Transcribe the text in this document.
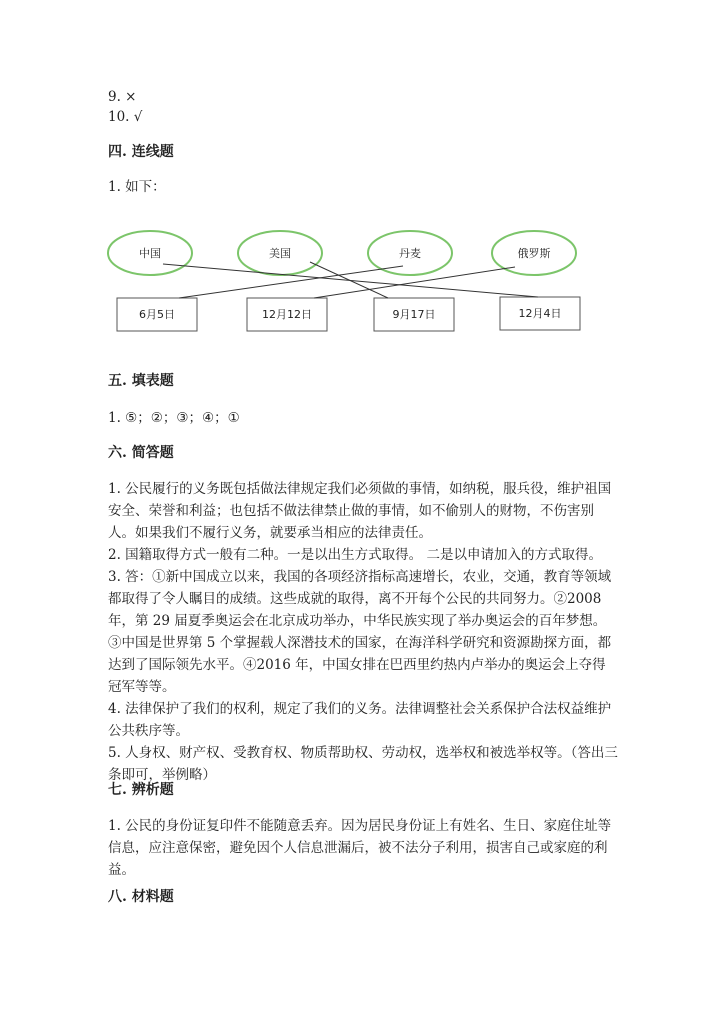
9. ×
10. √
四. 连线题
1. 如下：
中国	美国	丹麦	俄罗斯
6月5日	12月12日	9月17日	12月4日
五. 填表题
1. ⑤；②；③；④；①
六. 简答题

1. 公民履行的义务既包括做法律规定我们必须做的事情，如纳税，服兵役，维护祖国安全、荣誉和利益；也包括不做法律禁止做的事情，如不偷别人的财物，不伤害别人。如果我们不履行义务，就要承当相应的法律责任。

2. 国籍取得方式一般有二种。一是以出生方式取得。 二是以申请加入的方式取得。

3. 答：①新中国成立以来，我国的各项经济指标高速增长，农业，交通，教育等领域都取得了令人瞩目的成绩。这些成就的取得，离不开每个公民的共同努力。②2008 年，第 29 届夏季奥运会在北京成功举办，中华民族实现了举办奥运会的百年梦想。③中国是世界第 5 个掌握载人深潜技术的国家，在海洋科学研究和资源勘探方面，都达到了国际领先水平。④2016 年，中国女排在巴西里约热内卢举办的奥运会上夺得冠军等等。

4. 法律保护了我们的权利，规定了我们的义务。法律调整社会关系保护合法权益维护公共秩序等。

5. 人身权、财产权、受教育权、物质帮助权、劳动权，选举权和被选举权等。（答出三条即可，举例略）

七. 辨析题
1. 公民的身份证复印件不能随意丢弃。因为居民身份证上有姓名、生日、家庭住址等信息，应注意保密，避免因个人信息泄漏后，被不法分子利用，损害自己或家庭的利益。
八. 材料题
